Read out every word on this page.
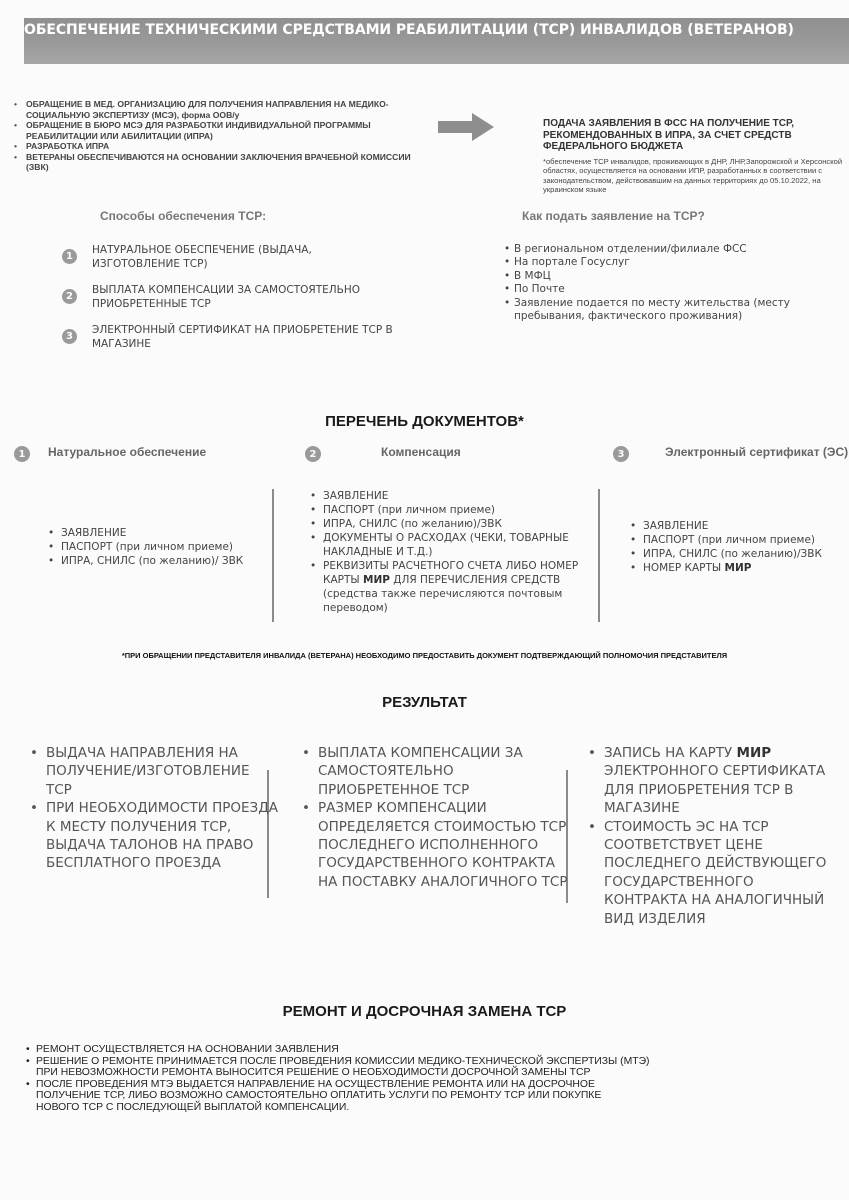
ОБЕСПЕЧЕНИЕ ТЕХНИЧЕСКИМИ СРЕДСТВАМИ РЕАБИЛИТАЦИИ (ТСР) ИНВАЛИДОВ (ВЕТЕРАНОВ)
• ОБРАЩЕНИЕ В МЕД. ОРГАНИЗАЦИЮ ДЛЯ ПОЛУЧЕНИЯ НАПРАВЛЕНИЯ НА МЕДИКО-СОЦИАЛЬНУЮ ЭКСПЕРТИЗУ (МСЭ), форма ООВ/у
• ОБРАЩЕНИЕ В БЮРО МСЭ ДЛЯ РАЗРАБОТКИ ИНДИВИДУАЛЬНОЙ ПРОГРАММЫ РЕАБИЛИТАЦИИ ИЛИ АБИЛИТАЦИИ (ИПРА)
• РАЗРАБОТКА ИПРА
• ВЕТЕРАНЫ ОБЕСПЕЧИВАЮТСЯ НА ОСНОВАНИИ ЗАКЛЮЧЕНИЯ ВРАЧЕБНОЙ КОМИССИИ (ЗВК)
ПОДАЧА ЗАЯВЛЕНИЯ В ФСС НА ПОЛУЧЕНИЕ ТСР, РЕКОМЕНДОВАННЫХ В ИПРА, ЗА СЧЕТ СРЕДСТВ ФЕДЕРАЛЬНОГО БЮДЖЕТА
*обеспечение ТСР инвалидов, проживающих в ДНР, ЛНР,Запорожской и Херсонской областях, осуществляется на основании ИПР, разработанных в соответствии с законодательством, действовавшим на данных территориях до 05.10.2022, на украинском языке
Способы обеспечения ТСР:
1
НАТУРАЛЬНОЕ ОБЕСПЕЧЕНИЕ (ВЫДАЧА, ИЗГОТОВЛЕНИЕ ТСР)
2
ВЫПЛАТА КОМПЕНСАЦИИ ЗА САМОСТОЯТЕЛЬНО ПРИОБРЕТЕННЫЕ ТСР
3
ЭЛЕКТРОННЫЙ СЕРТИФИКАТ НА ПРИОБРЕТЕНИЕ ТСР В МАГАЗИНЕ
Как подать заявление на ТСР?
• В региональном отделении/филиале ФСС
• На портале Госуслуг
• В МФЦ
• По Почте
• Заявление подается по месту жительства (месту пребывания, фактического проживания)
ПЕРЕЧЕНЬ ДОКУМЕНТОВ*
1	Натуральное обеспечение	2	Компенсация	3	Электронный сертификат (ЭС)
• ЗАЯВЛЕНИЕ
• ПАСПОРТ (при личном приеме)
• ИПРА, СНИЛС (по желанию)/ ЗВК
• ЗАЯВЛЕНИЕ
• ПАСПОРТ (при личном приеме)
• ИПРА, СНИЛС (по желанию)/ЗВК
• ДОКУМЕНТЫ О РАСХОДАХ (ЧЕКИ, ТОВАРНЫЕ НАКЛАДНЫЕ И Т.Д.)
• РЕКВИЗИТЫ РАСЧЕТНОГО СЧЕТА ЛИБО НОМЕР КАРТЫ МИР ДЛЯ ПЕРЕЧИСЛЕНИЯ СРЕДСТВ (средства также перечисляются почтовым переводом)
• ЗАЯВЛЕНИЕ
• ПАСПОРТ (при личном приеме)
• ИПРА, СНИЛС (по желанию)/ЗВК
• НОМЕР КАРТЫ МИР
*ПРИ ОБРАЩЕНИИ ПРЕДСТАВИТЕЛЯ ИНВАЛИДА (ВЕТЕРАНА) НЕОБХОДИМО ПРЕДОСТАВИТЬ ДОКУМЕНТ ПОДТВЕРЖДАЮЩИЙ ПОЛНОМОЧИЯ ПРЕДСТАВИТЕЛЯ
РЕЗУЛЬТАТ
• ВЫДАЧА НАПРАВЛЕНИЯ НА ПОЛУЧЕНИЕ/ИЗГОТОВЛЕНИЕ ТСР
• ПРИ НЕОБХОДИМОСТИ ПРОЕЗДА К МЕСТУ ПОЛУЧЕНИЯ ТСР, ВЫДАЧА ТАЛОНОВ НА ПРАВО БЕСПЛАТНОГО ПРОЕЗДА
• ВЫПЛАТА КОМПЕНСАЦИИ ЗА САМОСТОЯТЕЛЬНО ПРИОБРЕТЕННОЕ ТСР
• РАЗМЕР КОМПЕНСАЦИИ ОПРЕДЕЛЯЕТСЯ СТОИМОСТЬЮ ТСР ПОСЛЕДНЕГО ИСПОЛНЕННОГО ГОСУДАРСТВЕННОГО КОНТРАКТА НА ПОСТАВКУ АНАЛОГИЧНОГО ТСР
• ЗАПИСЬ НА КАРТУ МИР
ЭЛЕКТРОННОГО СЕРТИФИКАТА
ДЛЯ ПРИОБРЕТЕНИЯ ТСР В
МАГАЗИНЕ
• СТОИМОСТЬ ЭС НА ТСР
СООТВЕТСТВУЕТ ЦЕНЕ
ПОСЛЕДНЕГО ДЕЙСТВУЮЩЕГО
ГОСУДАРСТВЕННОГО
КОНТРАКТА НА АНАЛОГИЧНЫЙ
ВИД ИЗДЕЛИЯ
РЕМОНТ И ДОСРОЧНАЯ ЗАМЕНА ТСР
• РЕМОНТ ОСУЩЕСТВЛЯЕТСЯ НА ОСНОВАНИИ ЗАЯВЛЕНИЯ
• РЕШЕНИЕ О РЕМОНТЕ ПРИНИМАЕТСЯ ПОСЛЕ ПРОВЕДЕНИЯ КОМИССИИ МЕДИКО-ТЕХНИЧЕСКОЙ ЭКСПЕРТИЗЫ (МТЭ)
ПРИ НЕВОЗМОЖНОСТИ РЕМОНТА ВЫНОСИТСЯ РЕШЕНИЕ О НЕОБХОДИМОСТИ ДОСРОЧНОЙ ЗАМЕНЫ ТСР
• ПОСЛЕ ПРОВЕДЕНИЯ МТЭ ВЫДАЕТСЯ НАПРАВЛЕНИЕ НА ОСУЩЕСТВЛЕНИЕ РЕМОНТА ИЛИ НА ДОСРОЧНОЕ
ПОЛУЧЕНИЕ ТСР, ЛИБО ВОЗМОЖНО САМОСТОЯТЕЛЬНО ОПЛАТИТЬ УСЛУГИ ПО РЕМОНТУ ТСР ИЛИ ПОКУПКЕ
НОВОГО ТСР С ПОСЛЕДУЮЩЕЙ ВЫПЛАТОЙ КОМПЕНСАЦИИ.
